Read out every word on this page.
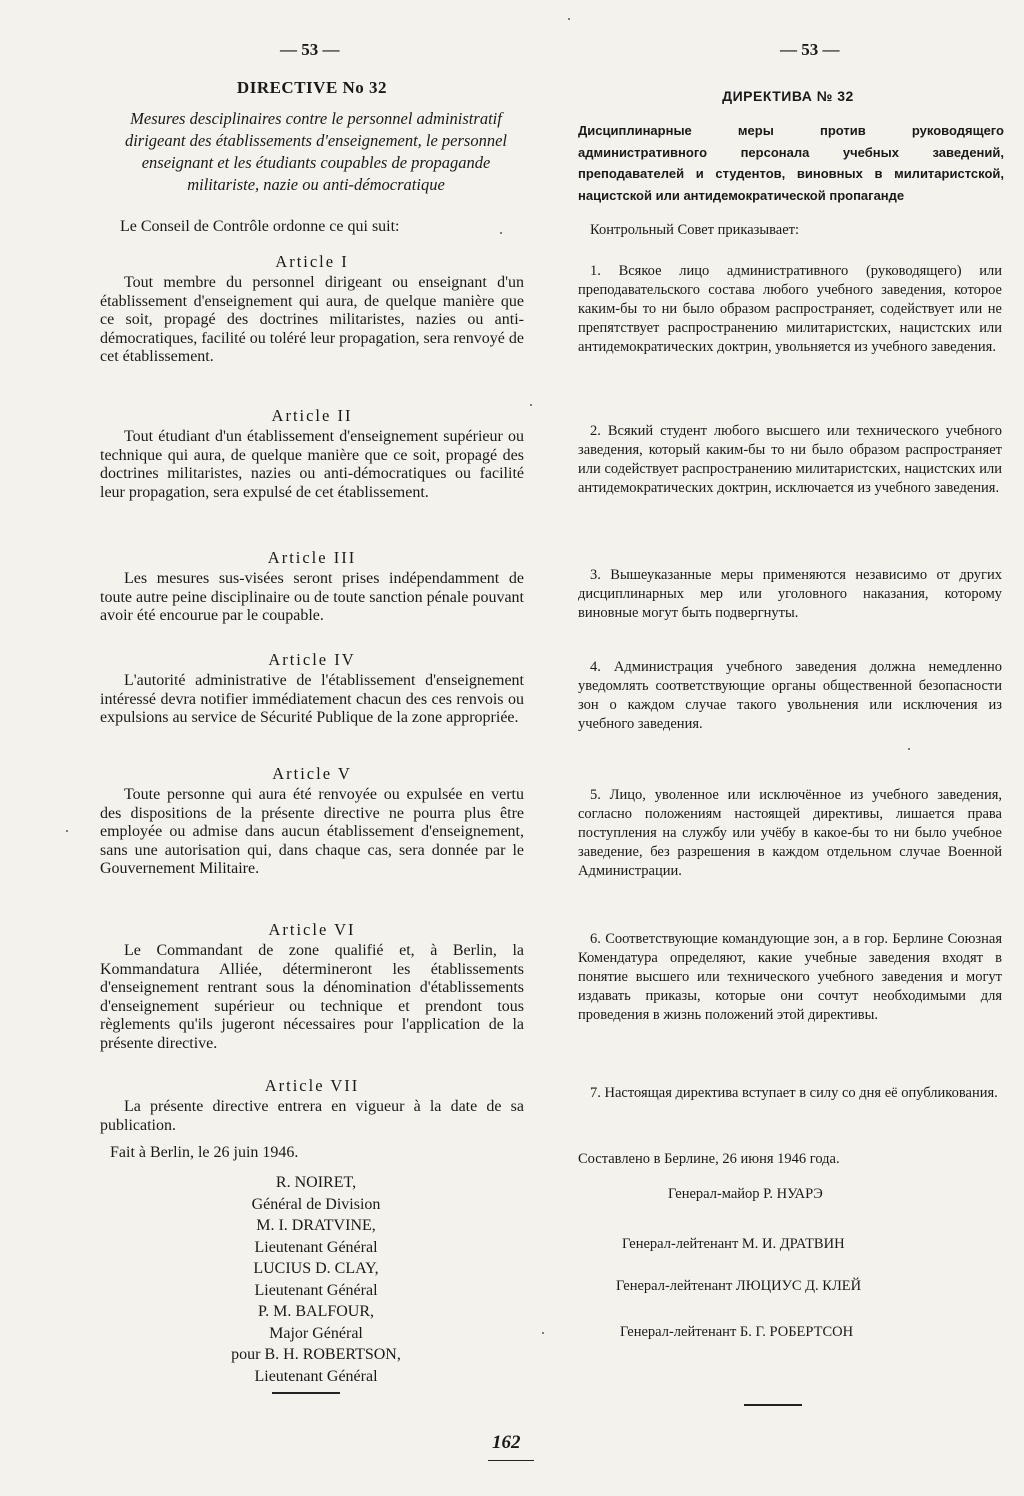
— 53 —	— 53 —
DIRECTIVE No 32
Mesures desciplinaires contre le personnel administratif dirigeant des établissements d'enseignement, le personnel enseignant et les étudiants coupables de propagande militariste, nazie ou anti-démocratique
Le Conseil de Contrôle ordonne ce qui suit:
Article I
Tout membre du personnel dirigeant ou enseignant d'un établissement d'enseignement qui aura, de quelque manière que ce soit, propagé des doctrines militaristes, nazies ou anti-démocratiques, facilité ou toléré leur propagation, sera renvoyé de cet établissement.
Article II
Tout étudiant d'un établissement d'enseignement supérieur ou technique qui aura, de quelque manière que ce soit, propagé des doctrines militaristes, nazies ou anti-démocratiques ou facilité leur propagation, sera expulsé de cet établissement.
Article III
Les mesures sus-visées seront prises indépendamment de toute autre peine disciplinaire ou de toute sanction pénale pouvant avoir été encourue par le coupable.
Article IV
L'autorité administrative de l'établissement d'enseignement intéressé devra notifier immédiatement chacun des ces renvois ou expulsions au service de Sécurité Publique de la zone appropriée.
Article V
Toute personne qui aura été renvoyée ou expulsée en vertu des dispositions de la présente directive ne pourra plus être employée ou admise dans aucun établissement d'enseignement, sans une autorisation qui, dans chaque cas, sera donnée par le Gouvernement Militaire.
Article VI
Le Commandant de zone qualifié et, à Berlin, la Kommandatura Alliée, détermineront les établissements d'enseignement rentrant sous la dénomination d'établissements d'enseignement supérieur ou technique et prendont tous règlements qu'ils jugeront nécessaires pour l'application de la présente directive.
Article VII
La présente directive entrera en vigueur à la date de sa publication.
Fait à Berlin, le 26 juin 1946.
R. NOIRET,
Général de Division
M. I. DRATVINE,
Lieutenant Général
LUCIUS D. CLAY,
Lieutenant Général
P. M. BALFOUR,
Major Général
pour B. H. ROBERTSON,
Lieutenant Général
ДИРЕКТИВА № 32
Дисциплинарные меры против руководящего административного персонала учебных заведений, преподавателей и студентов, виновных в милитаристской, нацистской или антидемократической пропаганде
Контрольный Совет приказывает:
1. Всякое лицо административного (руководящего) или преподавательского состава любого учебного заведения, которое каким-бы то ни было образом распространяет, содействует или не препятствует распространению милитаристских, нацистских или антидемократических доктрин, увольняется из учебного заведения.
2. Всякий студент любого высшего или технического учебного заведения, который каким-бы то ни было образом распространяет или содействует распространению милитаристских, нацистских или антидемократических доктрин, исключается из учебного заведения.
3. Вышеуказанные меры применяются независимо от других дисциплинарных мер или уголовного наказания, которому виновные могут быть подвергнуты.
4. Администрация учебного заведения должна немедленно уведомлять соответствующие органы общественной безопасности зон о каждом случае такого увольнения или исключения из учебного заведения.
5. Лицо, уволенное или исключённое из учебного заведения, согласно положениям настоящей директивы, лишается права поступления на службу или учёбу в какое-бы то ни было учебное заведение, без разрешения в каждом отдельном случае Военной Администрации.
6. Соответствующие командующие зон, а в гор. Берлине Союзная Комендатура определяют, какие учебные заведения входят в понятие высшего или технического учебного заведения и могут издавать приказы, которые они сочтут необходимыми для проведения в жизнь положений этой директивы.
7. Настоящая директива вступает в силу со дня её опубликования.
Составлено в Берлине, 26 июня 1946 года.
Генерал-майор Р. НУАРЭ
Генерал-лейтенант М. И. ДРАТВИН
Генерал-лейтенант ЛЮЦИУС Д. КЛЕЙ
Генерал-лейтенант Б. Г. РОБЕРТСОН
162
